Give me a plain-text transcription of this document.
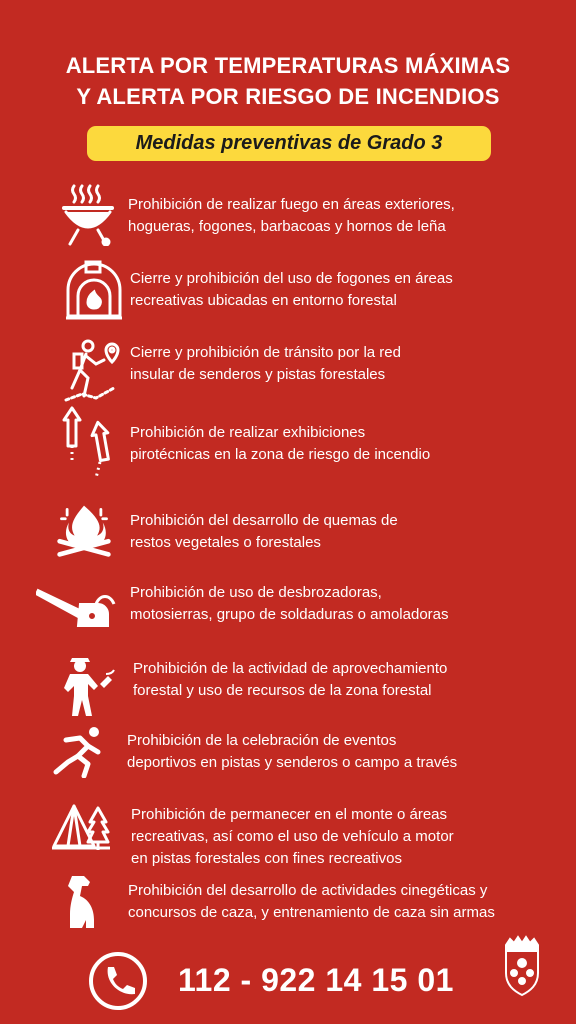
ALERTA POR TEMPERATURAS MÁXIMAS
Y ALERTA POR RIESGO DE INCENDIOS
Medidas preventivas de Grado 3
Prohibición de realizar fuego en áreas exteriores,
hogueras, fogones, barbacoas y hornos de leña
Cierre y prohibición del uso de fogones en áreas
recreativas ubicadas en entorno forestal
Cierre y prohibición de tránsito por la red
insular de senderos y pistas forestales
Prohibición de realizar exhibiciones
pirotécnicas en la zona de riesgo de incendio
Prohibición del desarrollo de quemas de
restos vegetales o forestales
Prohibición de uso de desbrozadoras,
motosierras, grupo de soldaduras o amoladoras
Prohibición de la actividad de aprovechamiento
forestal y uso de recursos de la zona forestal
Prohibición de la celebración de eventos
deportivos en pistas y senderos o campo a través
Prohibición de permanecer en el monte o áreas
recreativas, así como el uso de vehículo a motor
en pistas forestales con fines recreativos
Prohibición del desarrollo de actividades cinegéticas y
concursos de caza, y entrenamiento de caza sin armas
112 - 922 14 15 01
